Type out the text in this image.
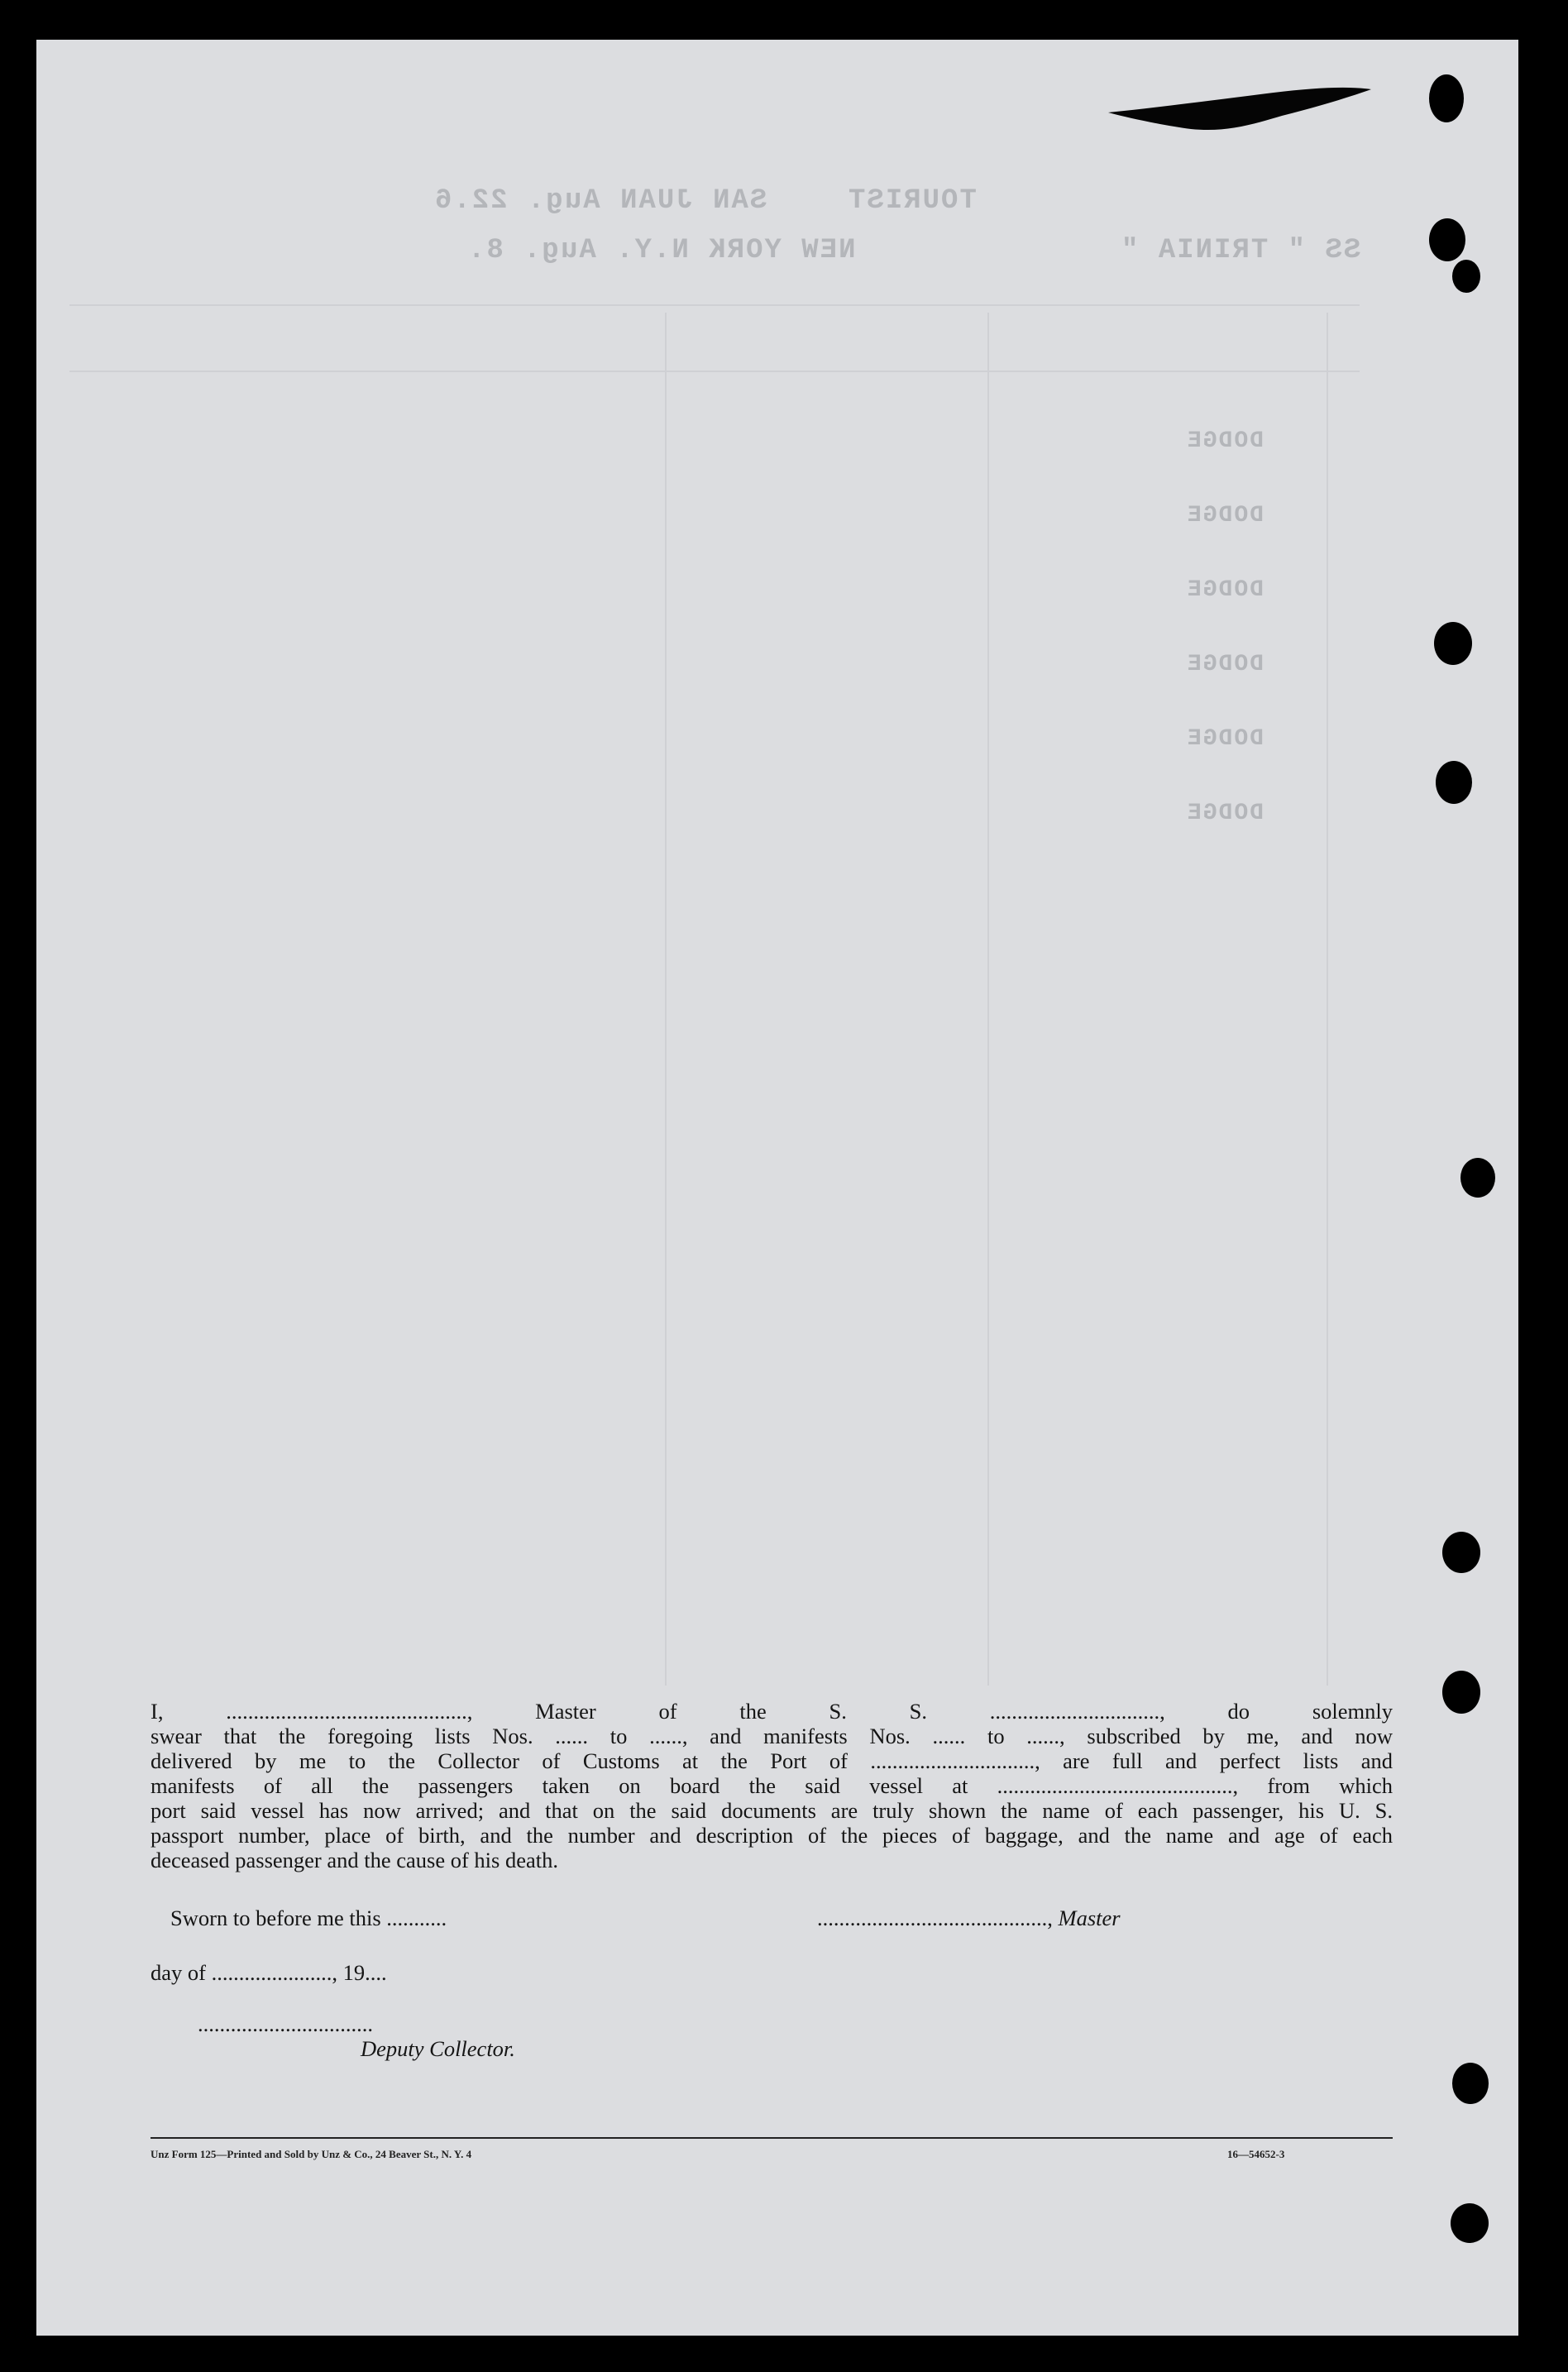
TOURIST
SAN JUAN Aug. 22.6
SS " TRINIA "
NEW YORK N.Y. Aug. 8.
DODGE
DODGE
DODGE
DODGE
DODGE
DODGE
I, ............................................, Master of the S. S. ..............................., do solemnly
swear that the foregoing lists Nos. ...... to ......, and manifests Nos. ...... to ......, subscribed by me, and now
delivered by me to the Collector of Customs at the Port of .............................., are full and perfect lists and
manifests of all the passengers taken on board the said vessel at ..........................................., from which
port said vessel has now arrived; and that on the said documents are truly shown the name of each passenger, his U. S.
passport number, place of birth, and the number and description of the pieces of baggage, and the name and age of each
deceased passenger and the cause of his death.
Sworn to before me this ...........	.........................................., Master
day of ......................, 19....
................................
Deputy Collector.
Unz Form 125—Printed and Sold by Unz & Co., 24 Beaver St., N. Y. 4	16—54652-3
